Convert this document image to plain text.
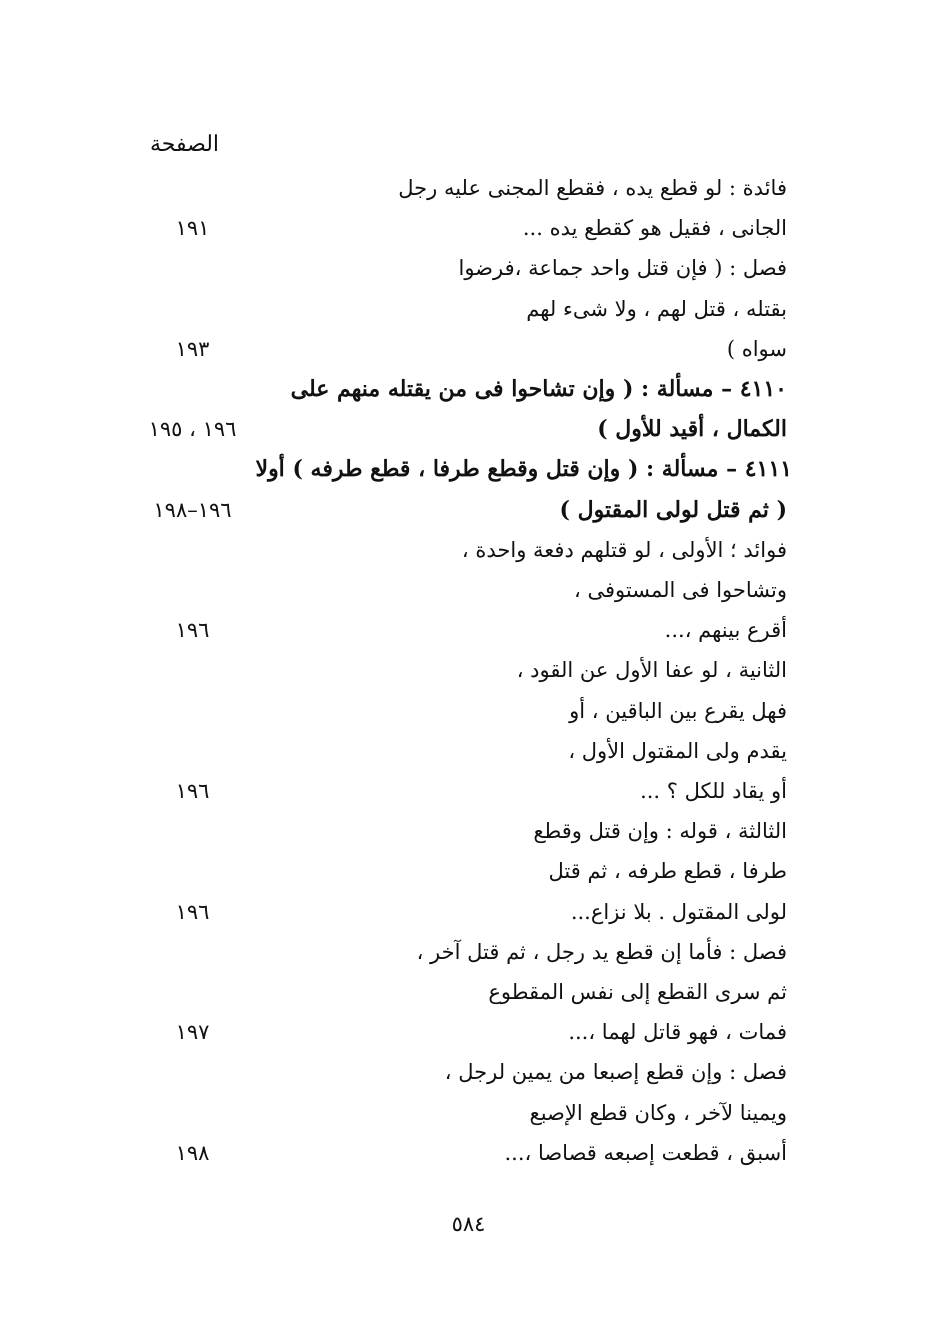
الصفحة
فائدة : لو قطع يده ، فقطع المجنى عليه رجل
الجانى ، فقيل هو كقطع يده ...
١٩١
فصل : ( فإن قتل واحد جماعة ،فرضوا
بقتله ، قتل لهم ، ولا شىء لهم
سواه )
١٩٣
٤١١٠ – مسألة : ( وإن تشاحوا فى من يقتله منهم على
الكمال ، أقيد للأول )
١٩٦ ، ١٩٥
٤١١١ – مسألة : ( وإن قتل وقطع طرفا ، قطع طرفه ) أولا
( ثم قتل لولى المقتول )
١٩٦–١٩٨
فوائد ؛ الأولى ، لو قتلهم دفعة واحدة ،
وتشاحوا فى المستوفى ،
أقرع بينهم ،...
١٩٦
الثانية ، لو عفا الأول عن القود ،
فهل يقرع بين الباقين ، أو
يقدم ولى المقتول الأول ،
أو يقاد للكل ؟ ...
١٩٦
الثالثة ، قوله : وإن قتل وقطع
طرفا ، قطع طرفه ، ثم قتل
لولى المقتول . بلا نزاع...
١٩٦
فصل : فأما إن قطع يد رجل ، ثم قتل آخر ،
ثم سرى القطع إلى نفس المقطوع
فمات ، فهو قاتل لهما ،...
١٩٧
فصل : وإن قطع إصبعا من يمين لرجل ،
ويمينا لآخر ، وكان قطع الإصبع
أسبق ، قطعت إصبعه قصاصا ،...
١٩٨
٥٨٤
